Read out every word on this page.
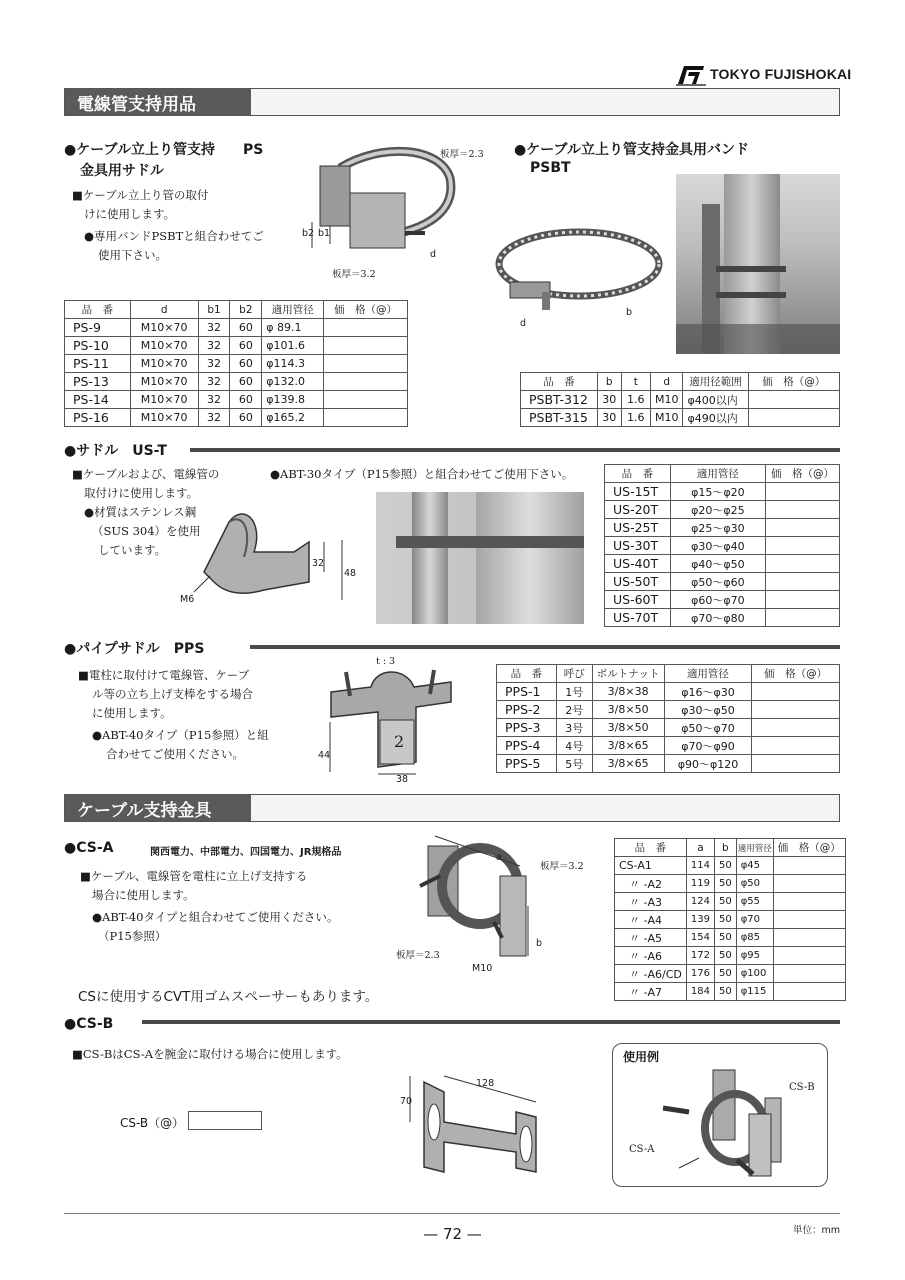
TOKYO FUJISHOKAI
電線管支持用品
●ケーブル立上り管支持　　PS
金具用サドル
■ケーブル立上り管の取付
けに使用します。
●専用バンドPSBTと組合わせてご
使用下さい。
板厚＝2.3
b2 b1
d
板厚＝3.2
品　番	d	b1	b2	適用管径	価　格（@）
PS-9	M10×70	32	60	φ 89.1	
PS-10	M10×70	32	60	φ101.6	
PS-11	M10×70	32	60	φ114.3	
PS-13	M10×70	32	60	φ132.0	
PS-14	M10×70	32	60	φ139.8	
PS-16	M10×70	32	60	φ165.2	
●ケーブル立上り管支持金具用バンド
PSBT
d
b
品　番	b	t	d	適用径範囲	価　格（@）
PSBT-312	30	1.6	M10	φ400以内	
PSBT-315	30	1.6	M10	φ490以内	
●サドル　US-T
■ケーブルおよび、電線管の
取付けに使用します。
●材質はステンレス鋼
（SUS 304）を使用
しています。
●ABT-30タイプ（P15参照）と組合わせてご使用下さい。
32
48
M6
品　番	適用管径	価　格（@）
US-15T	φ15～φ20	
US-20T	φ20～φ25	
US-25T	φ25～φ30	
US-30T	φ30～φ40	
US-40T	φ40～φ50	
US-50T	φ50～φ60	
US-60T	φ60～φ70	
US-70T	φ70～φ80	
●パイプサドル　PPS
■電柱に取付けて電線管、ケーブ
ル等の立ち上げ支棒をする場合
に使用します。
●ABT-40タイプ（P15参照）と組
合わせてご使用ください。
t : 3
2
44
38
品　番	呼び	ボルトナット	適用管径	価　格（@）
PPS-1	1号	3/8×38	φ16～φ30	
PPS-2	2号	3/8×50	φ30～φ50	
PPS-3	3号	3/8×50	φ50～φ70	
PPS-4	4号	3/8×65	φ70～φ90	
PPS-5	5号	3/8×65	φ90～φ120	
ケーブル支持金具
●CS-A	関西電力、中部電力、四国電力、JR規格品
■ケーブル、電線管を電柱に立上げ支持する
場合に使用します。
●ABT-40タイプと組合わせてご使用ください。
（P15参照）
a
板厚＝3.2
b
板厚＝2.3
M10
CSに使用するCVT用ゴムスペーサーもあります。
品　番	a	b	適用管径	価　格（@）
CS-A1	114	50	φ45	
〃 -A2	119	50	φ50	
〃 -A3	124	50	φ55	
〃 -A4	139	50	φ70	
〃 -A5	154	50	φ85	
〃 -A6	172	50	φ95	
〃 -A6/CD	176	50	φ100	
〃 -A7	184	50	φ115	
●CS-B
■CS-BはCS-Aを腕金に取付ける場合に使用します。
CS-B（@）
128
70
使用例
CS-B
CS-A
— 72 —	単位：mm
